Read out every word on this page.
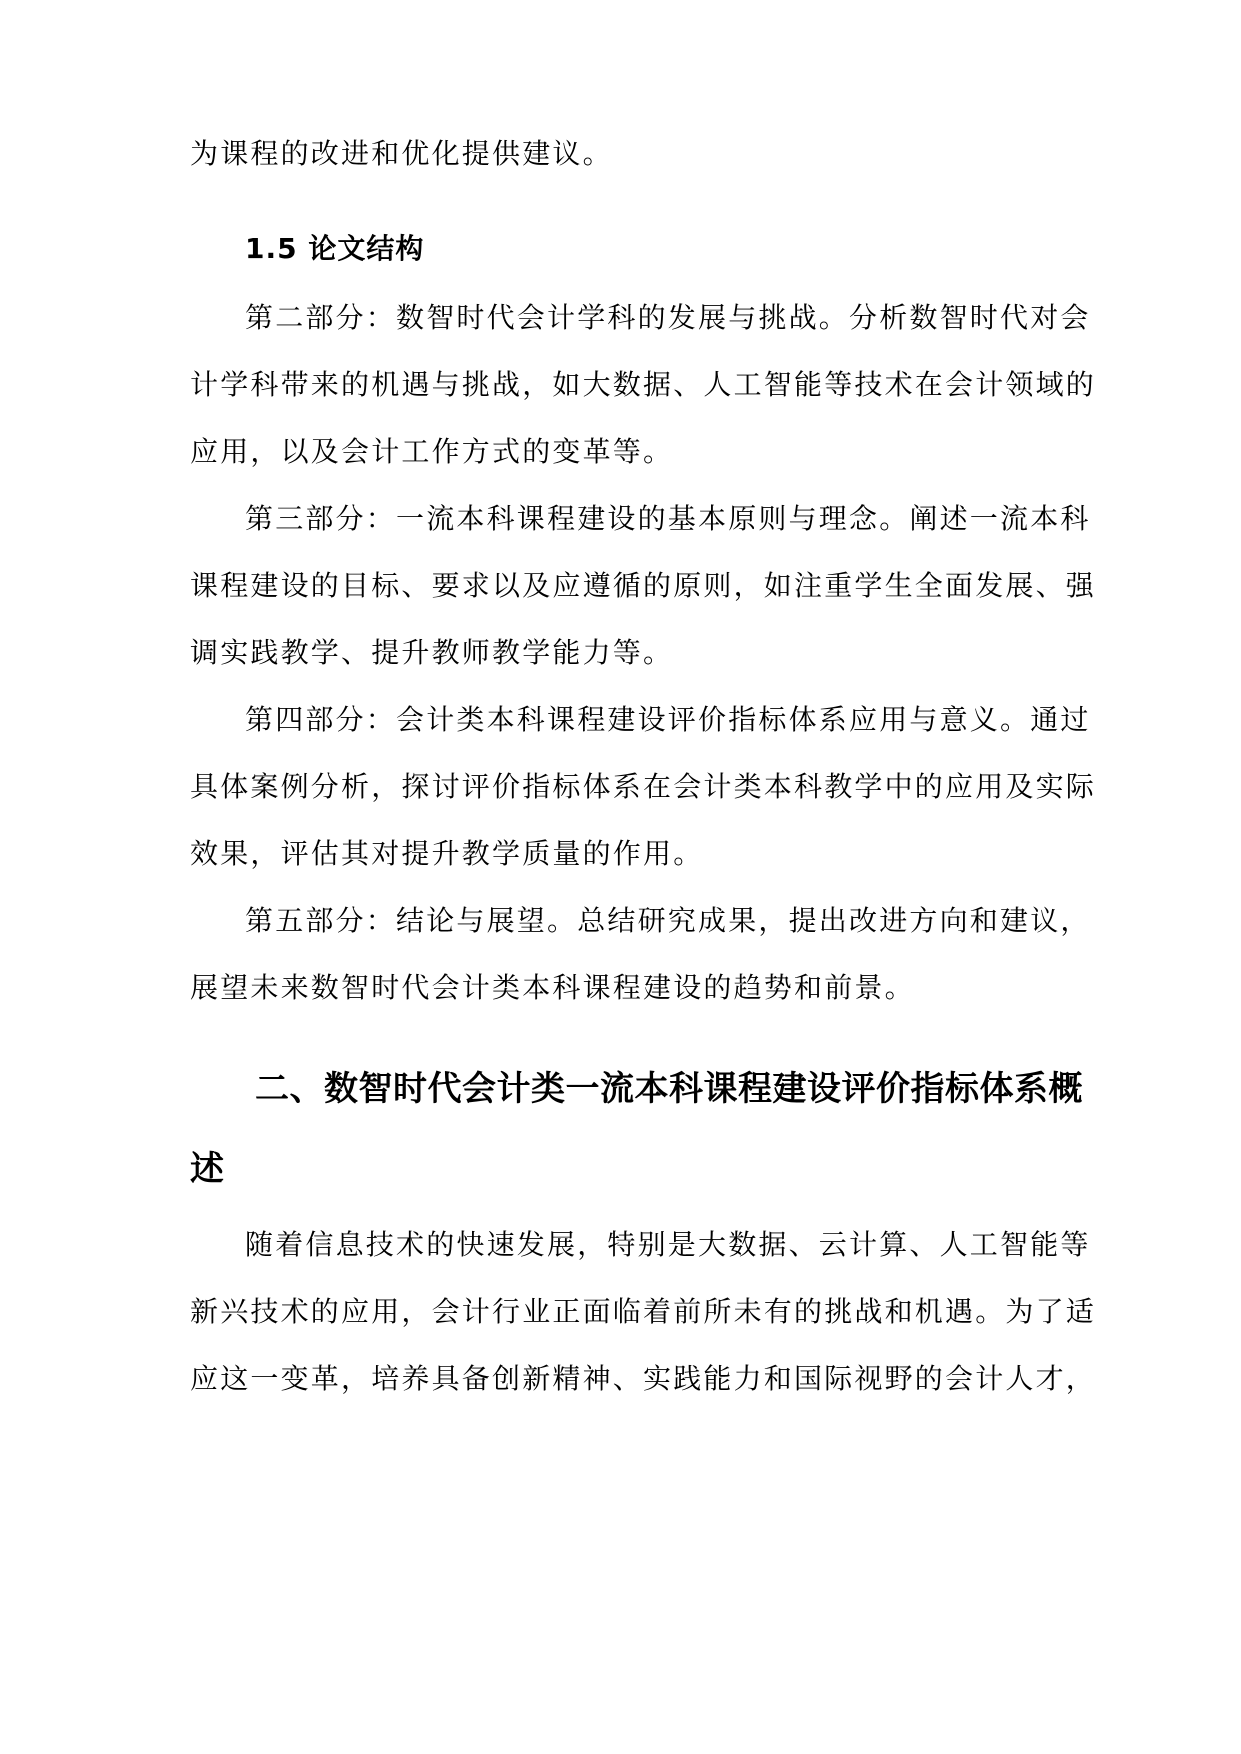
为课程的改进和优化提供建议。
1.5 论文结构
第二部分：数智时代会计学科的发展与挑战。分析数智时代对会
计学科带来的机遇与挑战，如大数据、人工智能等技术在会计领域的
应用，以及会计工作方式的变革等。
第三部分：一流本科课程建设的基本原则与理念。阐述一流本科
课程建设的目标、要求以及应遵循的原则，如注重学生全面发展、强
调实践教学、提升教师教学能力等。
第四部分：会计类本科课程建设评价指标体系应用与意义。通过
具体案例分析，探讨评价指标体系在会计类本科教学中的应用及实际
效果，评估其对提升教学质量的作用。
第五部分：结论与展望。总结研究成果，提出改进方向和建议，
展望未来数智时代会计类本科课程建设的趋势和前景。
二、数智时代会计类一流本科课程建设评价指标体系概
述
随着信息技术的快速发展，特别是大数据、云计算、人工智能等
新兴技术的应用，会计行业正面临着前所未有的挑战和机遇。为了适
应这一变革，培养具备创新精神、实践能力和国际视野的会计人才，
